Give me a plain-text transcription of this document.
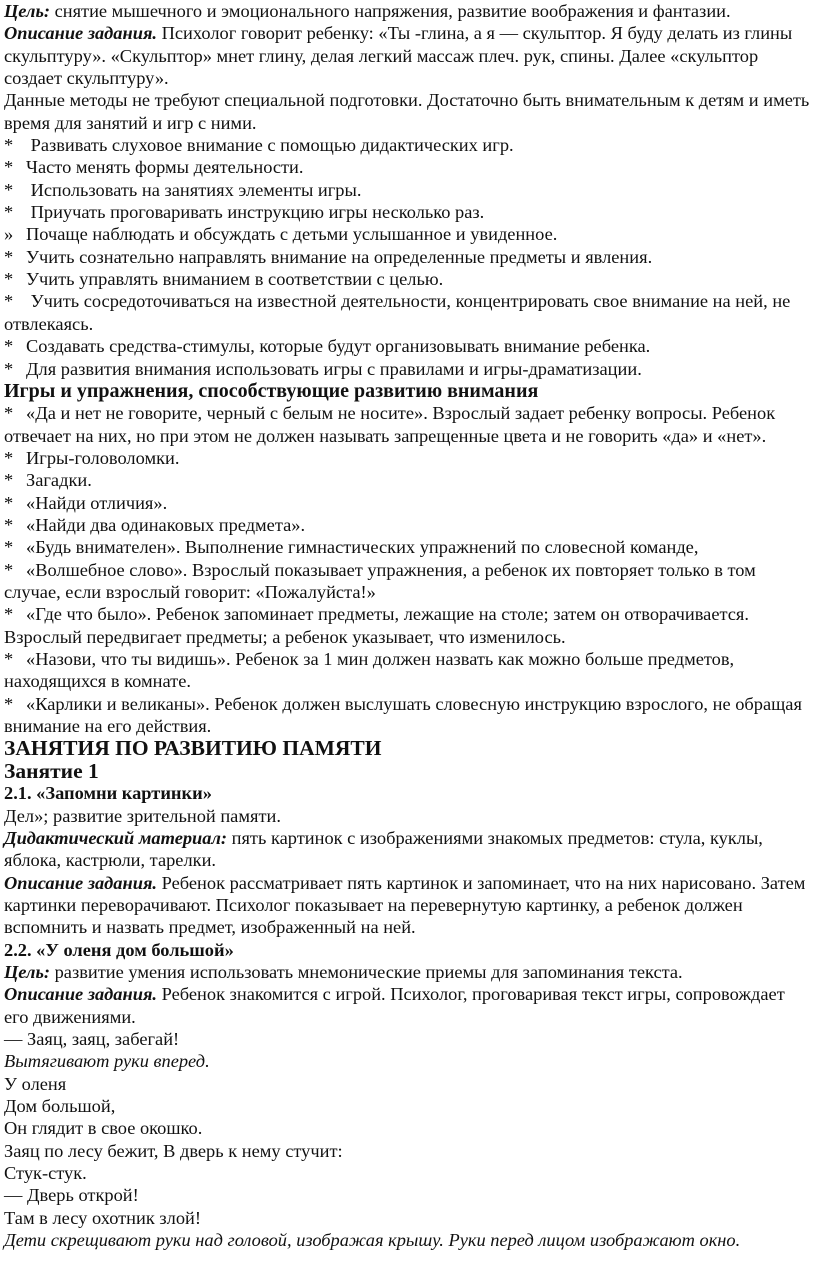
Цель: снятие мышечного и эмоционального напряжения, развитие воображения и фантазии.

Описание задания. Психолог говорит ребенку: «Ты -глина, а я — скульптор. Я буду делать из глины скульптуру». «Скульптор» мнет глину, делая легкий массаж плеч. рук, спины. Далее «скульптор создает скульптуру».

Данные методы не требуют специальной подготовки. Достаточно быть внимательным к детям и иметь время для занятий и игр с ними.

* Развивать слуховое внимание с помощью дидактических игр.

* Часто менять формы деятельности.

* Использовать на занятиях элементы игры.

* Приучать проговаривать инструкцию игры несколько раз.

» Почаще наблюдать и обсуждать с детьми услышанное и увиденное.

* Учить сознательно направлять внимание на определенные предметы и явления.

* Учить управлять вниманием в соответствии с целью.

* Учить сосредоточиваться на известной деятельности, концентрировать свое внимание на ней, не отвлекаясь.

* Создавать средства-стимулы, которые будут организовывать внимание ребенка.

* Для развития внимания использовать игры с правилами и игры-драматизации.

Игры и упражнения, способствующие развитию внимания

* «Да и нет не говорите, черный с белым не носите». Взрослый задает ребенку вопросы. Ребенок отвечает на них, но при этом не должен называть запрещенные цвета и не говорить «да» и «нет».

* Игры-головоломки.

* Загадки.

* «Найди отличия».

* «Найди два одинаковых предмета».

* «Будь внимателен». Выполнение гимнастических упражнений по словесной команде,

* «Волшебное слово». Взрослый показывает упражнения, а ребенок их повторяет только в том случае, если взрослый говорит: «Пожалуйста!»

* «Где что было». Ребенок запоминает предметы, лежащие на столе; затем он отворачивается. Взрослый передвигает предметы; а ребенок указывает, что изменилось.

* «Назови, что ты видишь». Ребенок за 1 мин должен назвать как можно больше предметов, находящихся в комнате.

* «Карлики и великаны». Ребенок должен выслушать словесную инструкцию взрослого, не обращая внимание на его действия.

ЗАНЯТИЯ ПО РАЗВИТИЮ ПАМЯТИ

Занятие 1

2.1. «Запомни картинки»

Дел»; развитие зрительной памяти.

Дидактический материал: пять картинок с изображениями знакомых предметов: стула, куклы, яблока, кастрюли, тарелки.

Описание задания. Ребенок рассматривает пять картинок и запоминает, что на них нарисовано. Затем картинки переворачивают. Психолог показывает на перевернутую картинку, а ребенок должен вспомнить и назвать предмет, изображенный на ней.

2.2. «У оленя дом большой»

Цель: развитие умения использовать мнемонические приемы для запоминания текста.

Описание задания. Ребенок знакомится с игрой. Психолог, проговаривая текст игры, сопровождает его движениями.

— Заяц, заяц, забегай!

Вытягивают руки вперед.

У оленя

Дом большой,

Он глядит в свое окошко.

Заяц по лесу бежит, В дверь к нему стучит:

Стук-стук.

— Дверь открой!

Там в лесу охотник злой!

Дети скрещивают руки над головой, изображая крышу. Руки перед лицом изображают окно.
